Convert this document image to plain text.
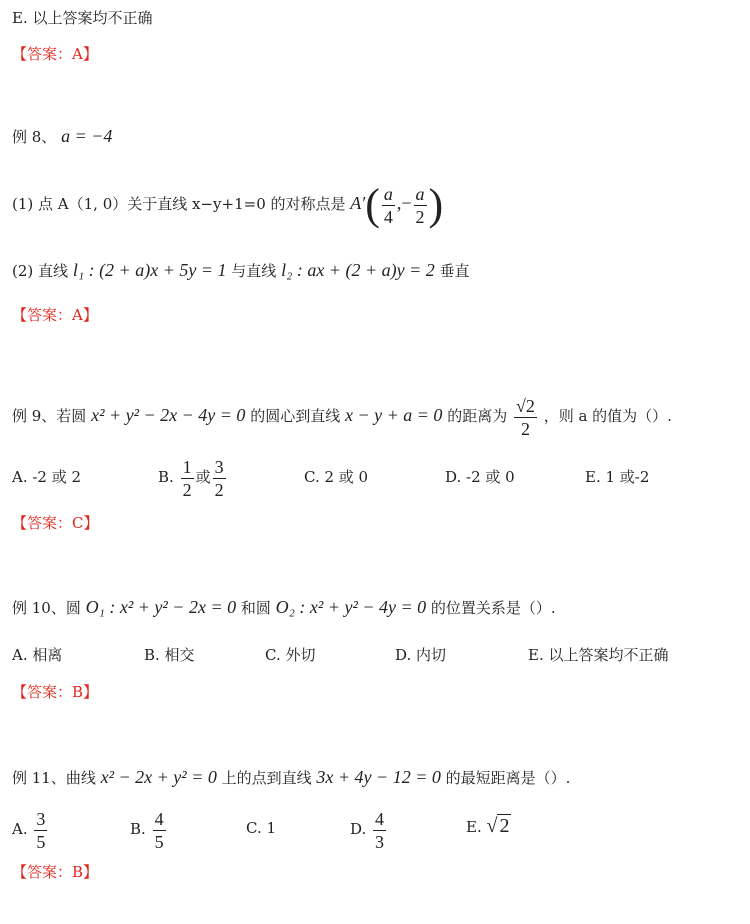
E. 以上答案均不正确
【答案：A】
例 8、 a = −4
(1) 点 A（1, 0）关于直线 x−y+1=0 的对称点是 $A'( \frac{a}{4}$ ,− $\frac{a}{2}$ )
(2) 直线 l₁ : (2 + a)x + 5y = 1 与直线 l₂ : ax + (2 + a)y = 2 垂直
【答案：A】
例 9、若圆 x² + y² − 2x − 4y = 0 的圆心到直线 x − y + a = 0 的距离为 $\frac{√2}{2}$ ，则 a 的值为（）.
A. -2 或 2	B. $\frac{1}{2}$ 或 $\frac{3}{2}$	C. 2 或 0	D. -2 或 0	E. 1 或-2
【答案：C】
例 10、圆 O₁ : x² + y² − 2x = 0 和圆 O₂ : x² + y² − 4y = 0 的位置关系是（）.
A. 相离	B. 相交	C. 外切	D. 内切	E. 以上答案均不正确
【答案：B】
例 11、曲线 x² − 2x + y² = 0 上的点到直线 3x + 4y − 12 = 0 的最短距离是（）.
A. $\frac{3}{5}$	B. $\frac{4}{5}$	C. 1	D. $\frac{4}{3}$	E. √ 2
【答案：B】
